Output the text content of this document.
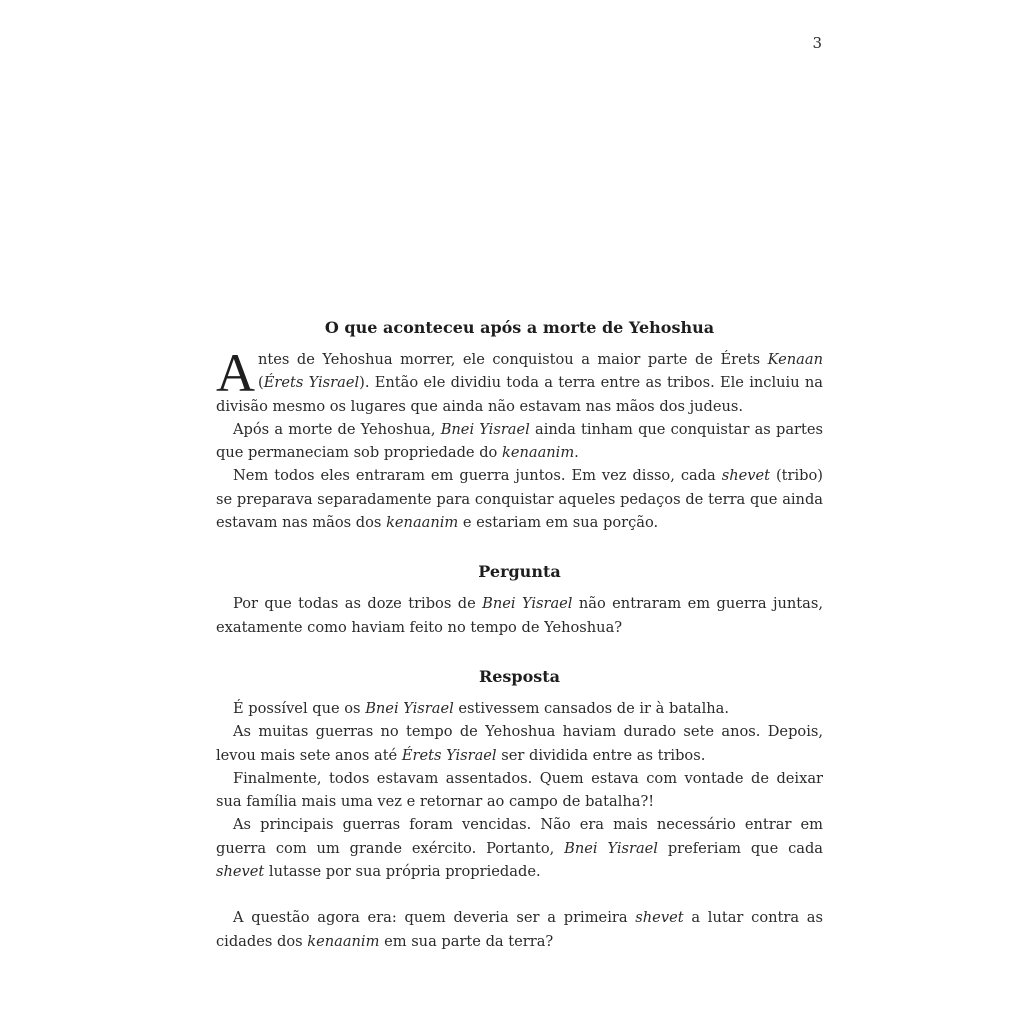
3
O que aconteceu após a morte de Yehoshua

Antes de Yehoshua morrer, ele conquistou a maior parte de Érets Kenaan (Érets Yisrael). Então ele dividiu toda a terra entre as tribos. Ele incluiu na divisão mesmo os lugares que ainda não estavam nas mãos dos judeus.

Após a morte de Yehoshua, Bnei Yisrael ainda tinham que conquistar as partes que permaneciam sob propriedade do kenaanim.

Nem todos eles entraram em guerra juntos. Em vez disso, cada shevet (tribo) se preparava separadamente para conquistar aqueles pedaços de terra que ainda estavam nas mãos dos kenaanim e estariam em sua porção.

Pergunta

Por que todas as doze tribos de Bnei Yisrael não entraram em guerra juntas, exatamente como haviam feito no tempo de Yehoshua?

Resposta

É possível que os Bnei Yisrael estivessem cansados de ir à batalha.

As muitas guerras no tempo de Yehoshua haviam durado sete anos. Depois, levou mais sete anos até Érets Yisrael ser dividida entre as tribos.

Finalmente, todos estavam assentados. Quem estava com vontade de deixar sua família mais uma vez e retornar ao campo de batalha?!

As principais guerras foram vencidas. Não era mais necessário entrar em guerra com um grande exército. Portanto, Bnei Yisrael preferiam que cada shevet lutasse por sua própria propriedade.

A questão agora era: quem deveria ser a primeira shevet a lutar contra as cidades dos kenaanim em sua parte da terra?
